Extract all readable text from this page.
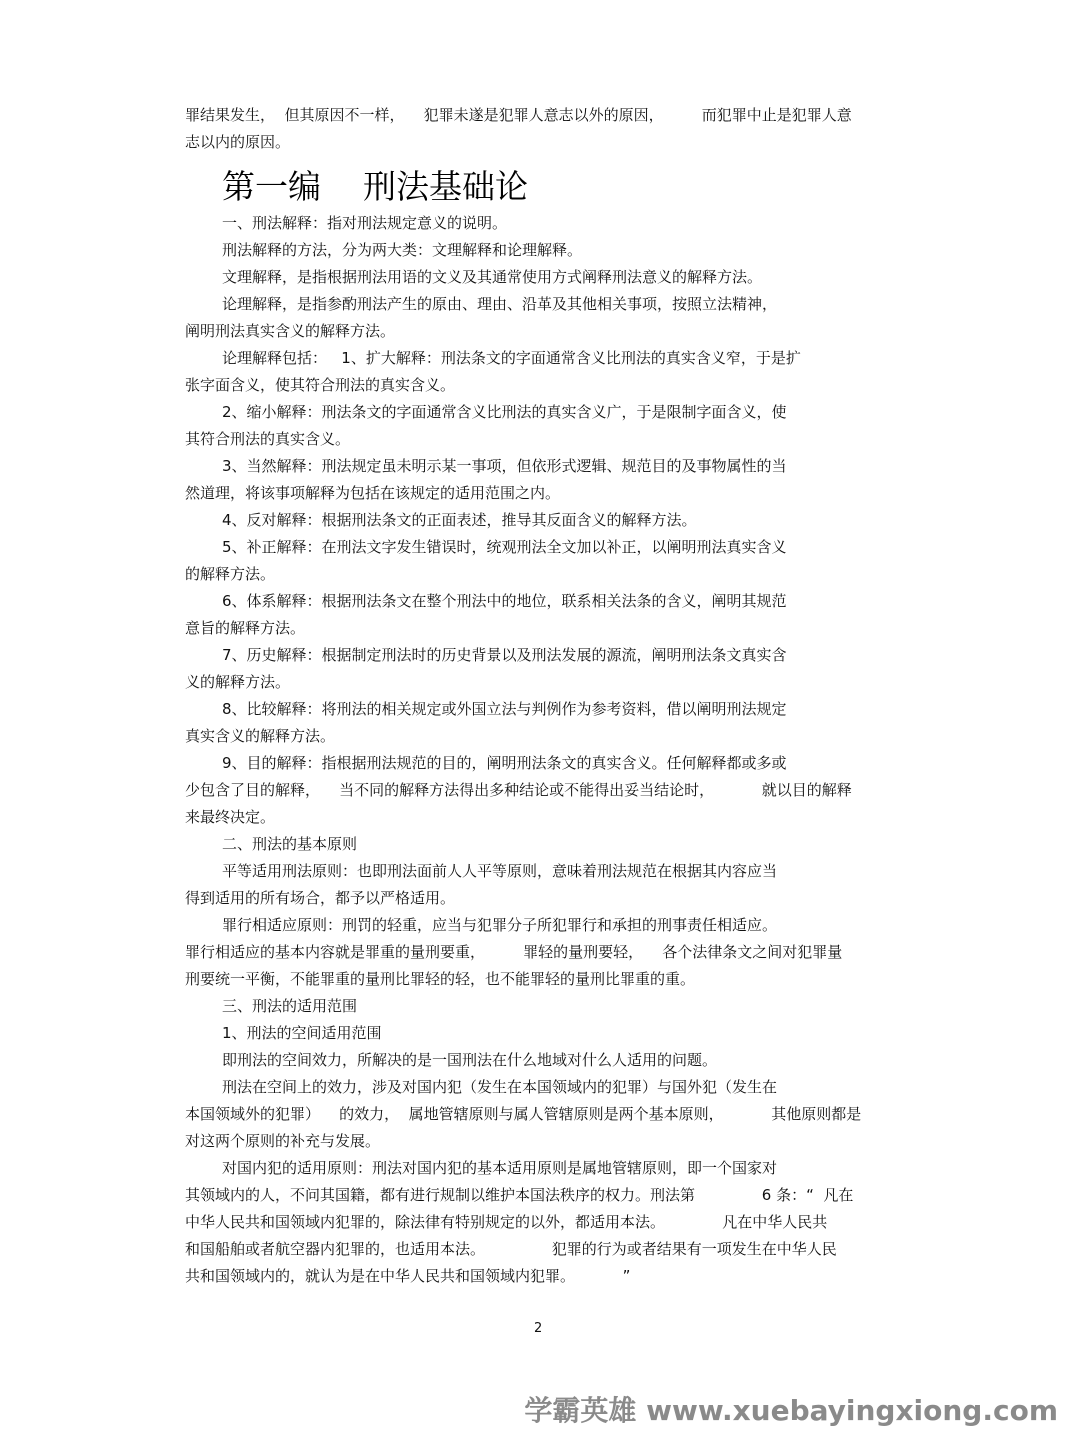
罪结果发生，  但其原因不一样，    犯罪未遂是犯罪人意志以外的原因，        而犯罪中止是犯罪人意
志以内的原因。
第一编    刑法基础论
一、刑法解释：指对刑法规定意义的说明。
刑法解释的方法，分为两大类：文理解释和论理解释。
文理解释，是指根据刑法用语的文义及其通常使用方式阐释刑法意义的解释方法。
论理解释，是指参酌刑法产生的原由、理由、沿革及其他相关事项，按照立法精神，
阐明刑法真实含义的解释方法。
论理解释包括：   1、扩大解释：刑法条文的字面通常含义比刑法的真实含义窄，于是扩
张字面含义，使其符合刑法的真实含义。
2、缩小解释：刑法条文的字面通常含义比刑法的真实含义广，于是限制字面含义，使
其符合刑法的真实含义。
3、当然解释：刑法规定虽未明示某一事项，但依形式逻辑、规范目的及事物属性的当
然道理，将该事项解释为包括在该规定的适用范围之内。
4、反对解释：根据刑法条文的正面表述，推导其反面含义的解释方法。
5、补正解释：在刑法文字发生错误时，统观刑法全文加以补正，以阐明刑法真实含义
的解释方法。
6、体系解释：根据刑法条文在整个刑法中的地位，联系相关法条的含义，阐明其规范
意旨的解释方法。
7、历史解释：根据制定刑法时的历史背景以及刑法发展的源流，阐明刑法条文真实含
义的解释方法。
8、比较解释：将刑法的相关规定或外国立法与判例作为参考资料，借以阐明刑法规定
真实含义的解释方法。
9、目的解释：指根据刑法规范的目的，阐明刑法条文的真实含义。任何解释都或多或
少包含了目的解释，    当不同的解释方法得出多种结论或不能得出妥当结论时，          就以目的解释
来最终决定。
二、刑法的基本原则
平等适用刑法原则：也即刑法面前人人平等原则，意味着刑法规范在根据其内容应当
得到适用的所有场合，都予以严格适用。
罪行相适应原则：刑罚的轻重，应当与犯罪分子所犯罪行和承担的刑事责任相适应。
罪行相适应的基本内容就是罪重的量刑要重，        罪轻的量刑要轻，    各个法律条文之间对犯罪量
刑要统一平衡，不能罪重的量刑比罪轻的轻，也不能罪轻的量刑比罪重的重。
三、刑法的适用范围
1、刑法的空间适用范围
即刑法的空间效力，所解决的是一国刑法在什么地域对什么人适用的问题。
刑法在空间上的效力，涉及对国内犯（发生在本国领域内的犯罪）与国外犯（发生在
本国领域外的犯罪）    的效力，  属地管辖原则与属人管辖原则是两个基本原则，          其他原则都是
对这两个原则的补充与发展。
对国内犯的适用原则：刑法对国内犯的基本适用原则是属地管辖原则，即一个国家对
其领域内的人，不问其国籍，都有进行规制以维护本国法秩序的权力。刑法第              6 条：“  凡在
中华人民共和国领域内犯罪的，除法律有特别规定的以外，都适用本法。            凡在中华人民共
和国船舶或者航空器内犯罪的，也适用本法。              犯罪的行为或者结果有一项发生在中华人民
共和国领域内的，就认为是在中华人民共和国领域内犯罪。          ”
2
学霸英雄 www.xuebayingxiong.com
